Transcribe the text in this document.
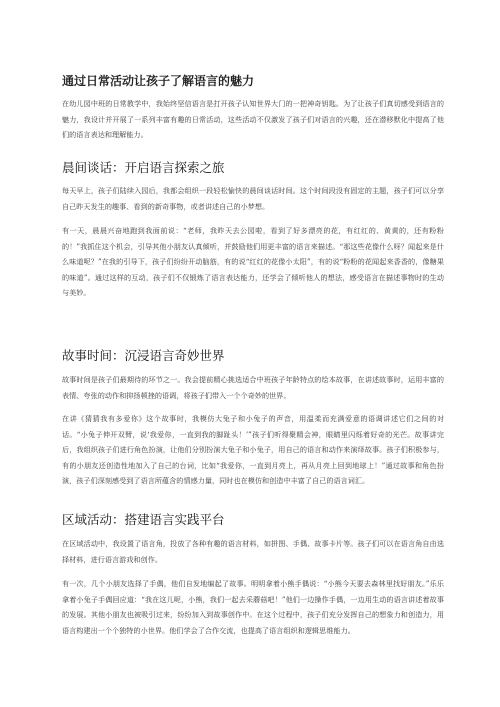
通过日常活动让孩子了解语言的魅力

在幼儿园中班的日常教学中，我始终坚信语言是打开孩子认知世界大门的一把神奇钥匙。为了让孩子们真切感受到语言的魅力，我设计并开展了一系列丰富有趣的日常活动，这些活动不仅激发了孩子们对语言的兴趣，还在潜移默化中提高了他们的语言表达和理解能力。

晨间谈话：开启语言探索之旅

每天早上，孩子们陆续入园后，我都会组织一段轻松愉快的晨间谈话时间。这个时间段没有固定的主题，孩子们可以分享自己昨天发生的趣事、看到的新奇事物，或者讲述自己的小梦想。

有一天，晨晨兴奋地跑到我面前说：“老师，我昨天去公园啦，看到了好多漂亮的花，有红红的、黄黄的，还有粉粉的！”我抓住这个机会，引导其他小朋友认真倾听，并鼓励他们用更丰富的语言来描述。“那这些花像什么呀？闻起来是什么味道呢？”在我的引导下，孩子们纷纷开动脑筋，有的说“红红的花像小太阳”，有的说“粉粉的花闻起来香香的，像糖果的味道”。通过这样的互动，孩子们不仅锻炼了语言表达能力，还学会了倾听他人的想法，感受语言在描述事物时的生动与美妙。

故事时间：沉浸语言奇妙世界

故事时间是孩子们最期待的环节之一。我会提前精心挑选适合中班孩子年龄特点的绘本故事，在讲述故事时，运用丰富的表情、夸张的动作和抑扬顿挫的语调，将孩子们带入一个个奇妙的世界。

在讲《猜猜我有多爱你》这个故事时，我模仿大兔子和小兔子的声音，用温柔而充满爱意的语调讲述它们之间的对话。“小兔子伸开双臂，说‘我爱你，一直到我的脚趾头！’”孩子们听得聚精会神，眼睛里闪烁着好奇的光芒。故事讲完后，我组织孩子们进行角色扮演，让他们分别扮演大兔子和小兔子，用自己的语言和动作来演绎故事。孩子们积极参与，有的小朋友还创造性地加入了自己的台词，比如“我爱你，一直到月亮上，再从月亮上回到地球上！”通过故事和角色扮演，孩子们深刻感受到了语言所蕴含的情感力量，同时也在模仿和创造中丰富了自己的语言词汇。

区域活动：搭建语言实践平台

在区域活动中，我设置了语言角，投放了各种有趣的语言材料，如拼图、手偶、故事卡片等。孩子们可以在语言角自由选择材料，进行语言游戏和创作。

有一次，几个小朋友选择了手偶，他们自发地编起了故事。明明拿着小熊手偶说：“小熊今天要去森林里找好朋友。”乐乐拿着小兔子手偶回应道：“我在这儿呢，小熊，我们一起去采蘑菇吧！”他们一边操作手偶，一边用生动的语言讲述着故事的发展。其他小朋友也被吸引过来，纷纷加入到故事创作中。在这个过程中，孩子们充分发挥自己的想象力和创造力，用语言构建出一个个独特的小世界。他们学会了合作交流，也提高了语言组织和逻辑思维能力。
